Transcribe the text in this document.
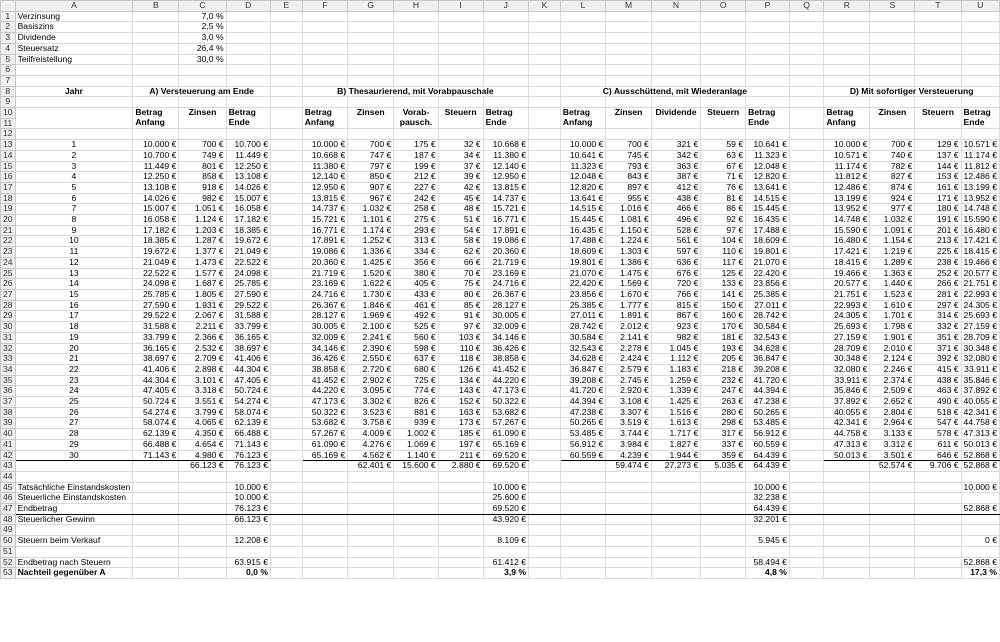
	A	B	C	D	E	F	G	H	I	J	K	L	M	N	O	P	Q	R	S	T	U
1	Verzinsung		7,0 %																		
2	Basiszins		2,5 %																		
3	Dividende		3,0 %																		
4	Steuersatz		26,4 %																		
5	Teilfreistellung		30,0 %																		
6																					
7																					
8	Jahr	A) Versteuerung am Ende				B) Thesaurierend, mit Vorabpauschale						C) Ausschüttend, mit Wiederanlage						D) Mit sofortiger Versteuerung			
9																					
10		Betrag Anfang	Zinsen	Betrag Ende		Betrag Anfang	Zinsen	Vorab- pausch.	Steuern	Betrag Ende		Betrag Anfang	Zinsen	Dividende	Steuern	Betrag Ende		Betrag Anfang	Zinsen	Steuern	Betrag Ende
11																					
12																					
13	1	10.000 €	700 €	10.700 €		10.000 €	700 €	175 €	32 €	10.668 €		10.000 €	700 €	321 €	59 €	10.641 €		10.000 €	700 €	129 €	10.571 €
14	2	10.700 €	749 €	11.449 €		10.668 €	747 €	187 €	34 €	11.380 €		10.641 €	745 €	342 €	63 €	11.323 €		10.571 €	740 €	137 €	11.174 €
15	3	11.449 €	801 €	12.250 €		11.380 €	797 €	199 €	37 €	12.140 €		11.323 €	793 €	363 €	67 €	12.048 €		11.174 €	782 €	144 €	11.812 €
16	4	12.250 €	858 €	13.108 €		12.140 €	850 €	212 €	39 €	12.950 €		12.048 €	843 €	387 €	71 €	12.820 €		11.812 €	827 €	153 €	12.486 €
17	5	13.108 €	918 €	14.026 €		12.950 €	907 €	227 €	42 €	13.815 €		12.820 €	897 €	412 €	76 €	13.641 €		12.486 €	874 €	161 €	13.199 €
18	6	14.026 €	982 €	15.007 €		13.815 €	967 €	242 €	45 €	14.737 €		13.641 €	955 €	438 €	81 €	14.515 €		13.199 €	924 €	171 €	13.952 €
19	7	15.007 €	1.051 €	16.058 €		14.737 €	1.032 €	258 €	48 €	15.721 €		14.515 €	1.016 €	466 €	86 €	15.445 €		13.952 €	977 €	180 €	14.748 €
20	8	16.058 €	1.124 €	17.182 €		15.721 €	1.101 €	275 €	51 €	16.771 €		15.445 €	1.081 €	496 €	92 €	16.435 €		14.748 €	1.032 €	191 €	15.590 €
21	9	17.182 €	1.203 €	18.385 €		16.771 €	1.174 €	293 €	54 €	17.891 €		16.435 €	1.150 €	528 €	97 €	17.488 €		15.590 €	1.091 €	201 €	16.480 €
22	10	18.385 €	1.287 €	19.672 €		17.891 €	1.252 €	313 €	58 €	19.086 €		17.488 €	1.224 €	561 €	104 €	18.609 €		16.480 €	1.154 €	213 €	17.421 €
23	11	19.672 €	1.377 €	21.049 €		19.086 €	1.336 €	334 €	62 €	20.360 €		18.609 €	1.303 €	597 €	110 €	19.801 €		17.421 €	1.219 €	225 €	18.415 €
24	12	21.049 €	1.473 €	22.522 €		20.360 €	1.425 €	356 €	66 €	21.719 €		19.801 €	1.386 €	636 €	117 €	21.070 €		18.415 €	1.289 €	238 €	19.466 €
25	13	22.522 €	1.577 €	24.098 €		21.719 €	1.520 €	380 €	70 €	23.169 €		21.070 €	1.475 €	676 €	125 €	22.420 €		19.466 €	1.363 €	252 €	20.577 €
26	14	24.098 €	1.687 €	25.785 €		23.169 €	1.622 €	405 €	75 €	24.716 €		22.420 €	1.569 €	720 €	133 €	23.856 €		20.577 €	1.440 €	266 €	21.751 €
27	15	25.785 €	1.805 €	27.590 €		24.716 €	1.730 €	433 €	80 €	26.367 €		23.856 €	1.670 €	766 €	141 €	25.385 €		21.751 €	1.523 €	281 €	22.993 €
28	16	27.590 €	1.931 €	29.522 €		26.367 €	1.846 €	461 €	85 €	28.127 €		25.385 €	1.777 €	815 €	150 €	27.011 €		22.993 €	1.610 €	297 €	24.305 €
29	17	29.522 €	2.067 €	31.588 €		28.127 €	1.969 €	492 €	91 €	30.005 €		27.011 €	1.891 €	867 €	160 €	28.742 €		24.305 €	1.701 €	314 €	25.693 €
30	18	31.588 €	2.211 €	33.799 €		30.005 €	2.100 €	525 €	97 €	32.009 €		28.742 €	2.012 €	923 €	170 €	30.584 €		25.693 €	1.798 €	332 €	27.159 €
31	19	33.799 €	2.366 €	36.165 €		32.009 €	2.241 €	560 €	103 €	34.146 €		30.584 €	2.141 €	982 €	181 €	32.543 €		27.159 €	1.901 €	351 €	28.709 €
32	20	36.165 €	2.532 €	38.697 €		34.146 €	2.390 €	598 €	110 €	36.426 €		32.543 €	2.278 €	1.045 €	193 €	34.628 €		28.709 €	2.010 €	371 €	30.348 €
33	21	38.697 €	2.709 €	41.406 €		36.426 €	2.550 €	637 €	118 €	38.858 €		34.628 €	2.424 €	1.112 €	205 €	36.847 €		30.348 €	2.124 €	392 €	32.080 €
34	22	41.406 €	2.898 €	44.304 €		38.858 €	2.720 €	680 €	126 €	41.452 €		36.847 €	2.579 €	1.183 €	218 €	39.208 €		32.080 €	2.246 €	415 €	33.911 €
35	23	44.304 €	3.101 €	47.405 €		41.452 €	2.902 €	725 €	134 €	44.220 €		39.208 €	2.745 €	1.259 €	232 €	41.720 €		33.911 €	2.374 €	438 €	35.846 €
36	24	47.405 €	3.318 €	50.724 €		44.220 €	3.095 €	774 €	143 €	47.173 €		41.720 €	2.920 €	1.339 €	247 €	44.394 €		35.846 €	2.509 €	463 €	37.892 €
37	25	50.724 €	3.551 €	54.274 €		47.173 €	3.302 €	826 €	152 €	50.322 €		44.394 €	3.108 €	1.425 €	263 €	47.238 €		37.892 €	2.652 €	490 €	40.055 €
38	26	54.274 €	3.799 €	58.074 €		50.322 €	3.523 €	881 €	163 €	53.682 €		47.238 €	3.307 €	1.516 €	280 €	50.265 €		40.055 €	2.804 €	518 €	42.341 €
39	27	58.074 €	4.065 €	62.139 €		53.682 €	3.758 €	939 €	173 €	57.267 €		50.265 €	3.519 €	1.613 €	298 €	53.485 €		42.341 €	2.964 €	547 €	44.758 €
40	28	62.139 €	4.350 €	66.488 €		57.267 €	4.009 €	1.002 €	185 €	61.090 €		53.485 €	3.744 €	1.717 €	317 €	56.912 €		44.758 €	3.133 €	578 €	47.313 €
41	29	66.488 €	4.654 €	71.143 €		61.090 €	4.276 €	1.069 €	197 €	65.169 €		56.912 €	3.984 €	1.827 €	337 €	60.559 €		47.313 €	3.312 €	611 €	50.013 €
42	30	71.143 €	4.980 €	76.123 €		65.169 €	4.562 €	1.140 €	211 €	69.520 €		60.559 €	4.239 €	1.944 €	359 €	64.439 €		50.013 €	3.501 €	646 €	52.868 €
43			66.123 €	76.123 €			62.401 €	15.600 €	2.880 €	69.520 €			59.474 €	27.273 €	5.035 €	64.439 €			52.574 €	9.706 €	52.868 €
44																					
45	Tatsächliche Einstandskosten			10.000 €						10.000 €						10.000 €					10.000 €
46	Steuerliche Einstandskosten			10.000 €						25.600 €						32.238 €					
47	Endbetrag			76.123 €						69.520 €						64.439 €					52.868 €
48	Steuerlicher Gewinn			66.123 €						43.920 €						32.201 €					
49																					
50	Steuern beim Verkauf			12.208 €						8.109 €						5.945 €					0 €
51																					
52	Endbetrag nach Steuern			63.915 €						61.412 €						58.494 €					52.868 €
53	Nachteil gegenüber A			0,0 %						3,9 %						4,8 %					17,3 %
